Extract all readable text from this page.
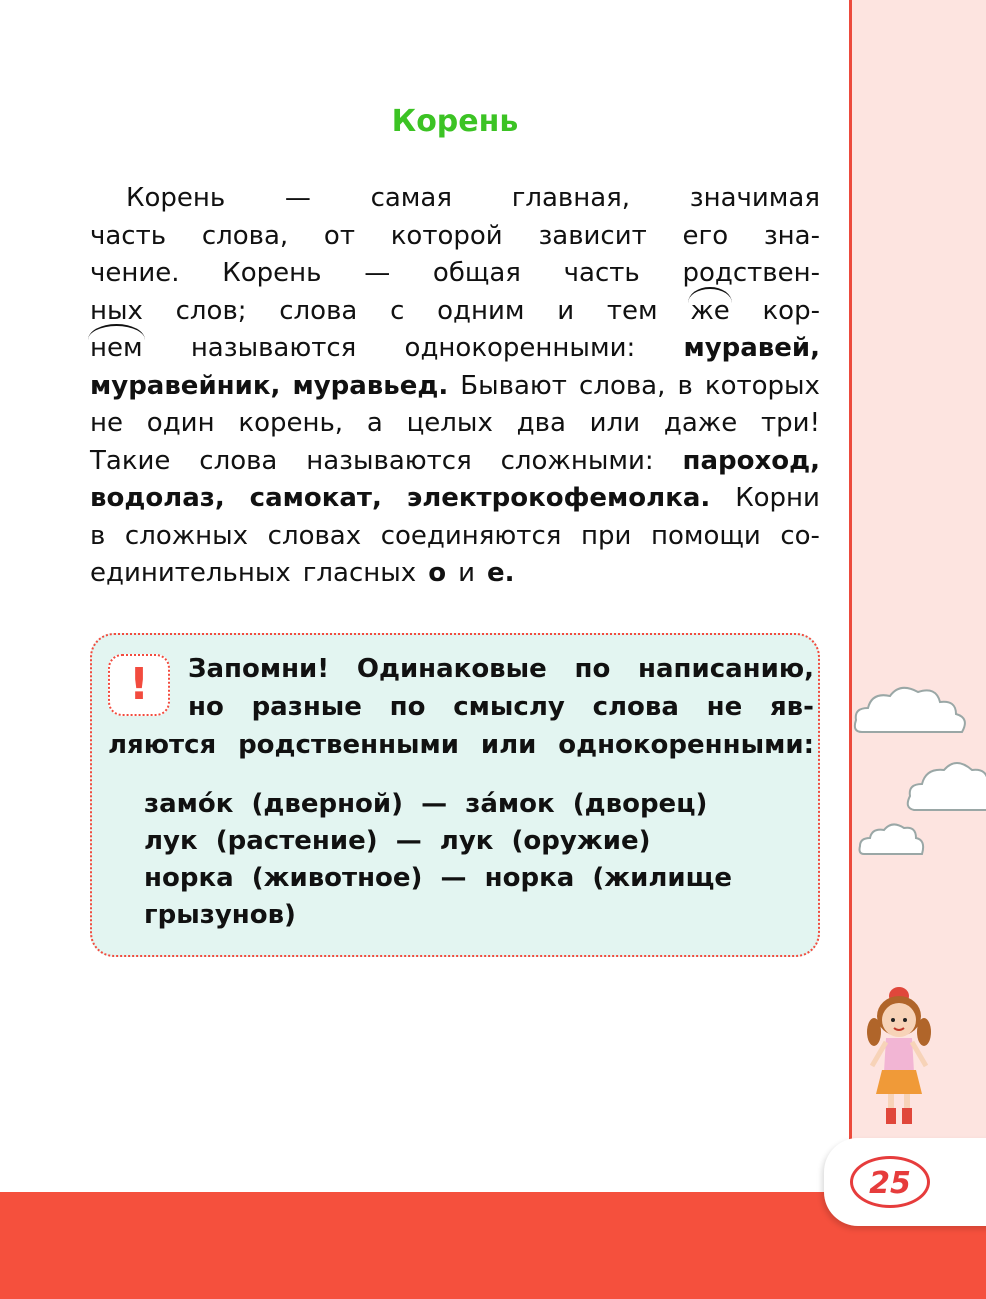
Корень
Корень — самая главная, значимая
часть слова, от которой зависит его зна-
чение. Корень — общая часть родствен-
ных слов; слова с одним и тем же кор-
нем называются однокоренными: муравей,
муравейник, муравьед. Бывают слова, в которых
не один корень, а целых два или даже три!
Такие слова называются сложными: пароход,
водолаз, самокат, электрокофемолка. Корни
в сложных словах соединяются при помощи со-
единительных гласных о и е.
!	Запомни! Одинаковые по написанию,
но разные по смыслу слова не яв-
ляются родственными или однокоренными:
замóк  (дверной)  —  зáмок  (дворец)
лук  (растение)  —  лук  (оружие)
норка  (животное)  —  норка  (жилище
грызунов)
25
